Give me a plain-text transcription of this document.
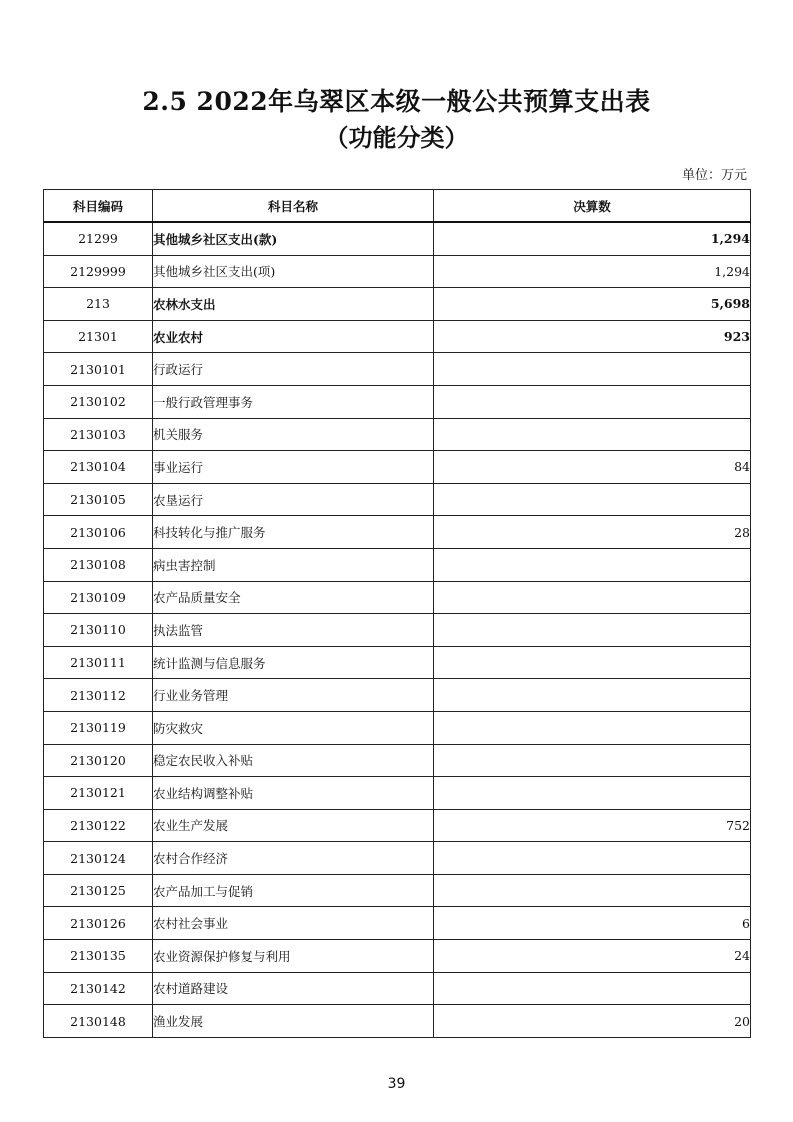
2.5 2022年乌翠区本级一般公共预算支出表
（功能分类）
单位：万元
科目编码	科目名称	决算数
21299	其他城乡社区支出(款)	1,294
2129999	其他城乡社区支出(项)	1,294
213	农林水支出	5,698
21301	农业农村	923
2130101	行政运行	
2130102	一般行政管理事务	
2130103	机关服务	
2130104	事业运行	84
2130105	农垦运行	
2130106	科技转化与推广服务	28
2130108	病虫害控制	
2130109	农产品质量安全	
2130110	执法监管	
2130111	统计监测与信息服务	
2130112	行业业务管理	
2130119	防灾救灾	
2130120	稳定农民收入补贴	
2130121	农业结构调整补贴	
2130122	农业生产发展	752
2130124	农村合作经济	
2130125	农产品加工与促销	
2130126	农村社会事业	6
2130135	农业资源保护修复与利用	24
2130142	农村道路建设	
2130148	渔业发展	20
39
